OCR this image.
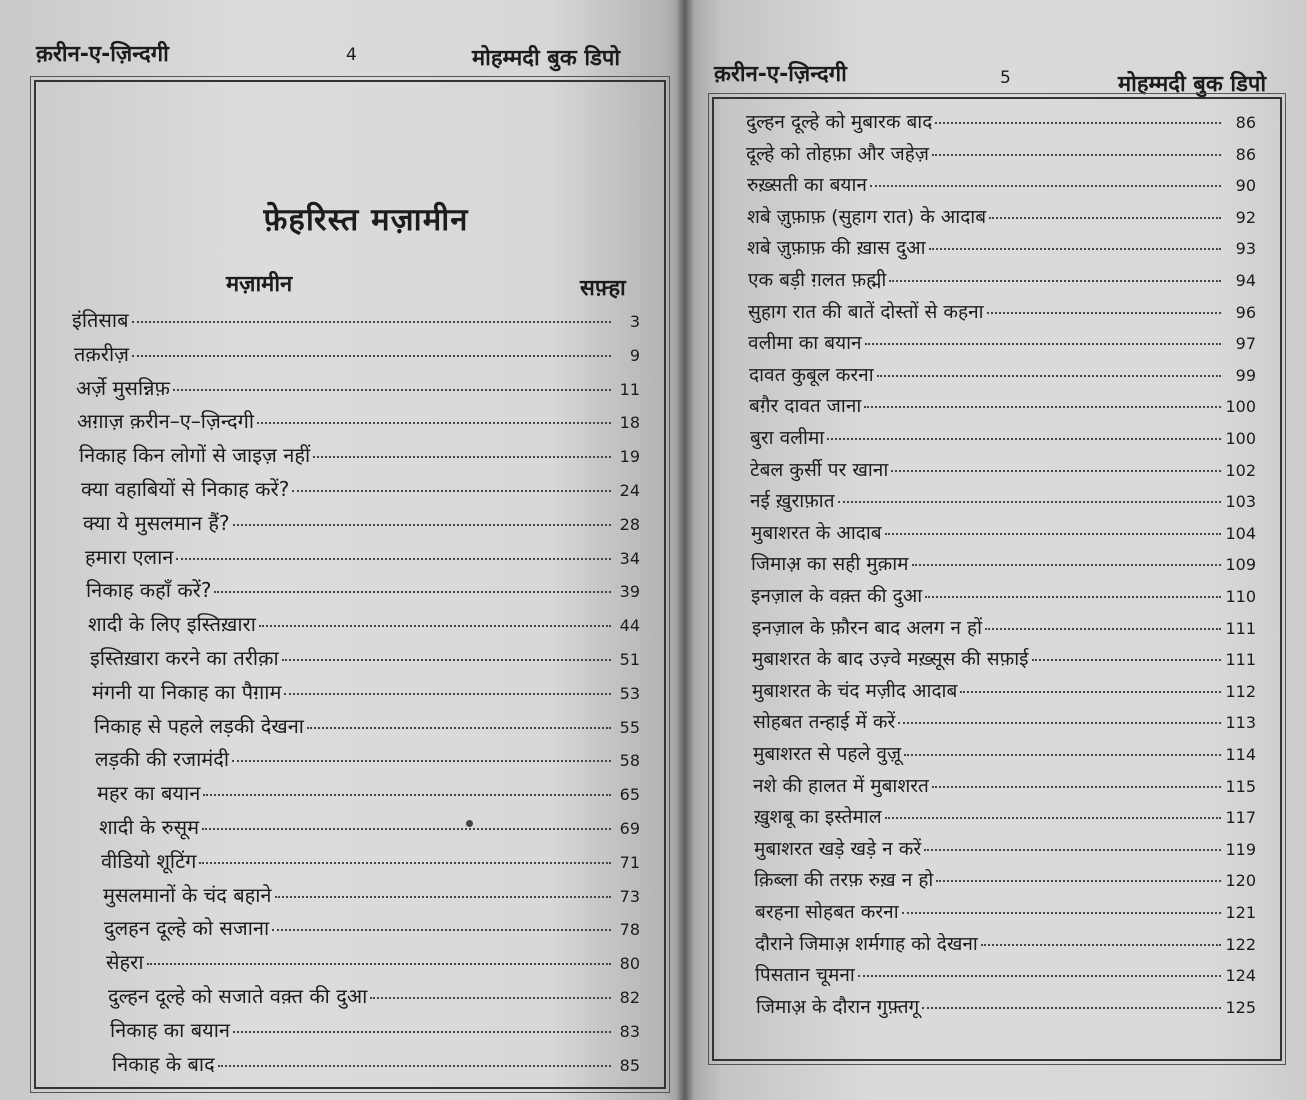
क़रीन-ए-ज़िन्दगी	4	मोहम्मदी बुक डिपो
क़रीन-ए-ज़िन्दगी	5	मोहम्मदी बुक डिपो
फ़ेहरिस्त मज़ामीन
मज़ामीन	सफ़्हा
इंतिसाब	3
तक़रीज़	9
अर्ज़े मुसन्निफ़	11
अग़ाज़ क़रीन–ए–ज़िन्दगी	18
निकाह किन लोगों से जाइज़ नहीं	19
क्या वहाबियों से निकाह करें?	24
क्या ये मुसलमान हैं?	28
हमारा एलान	34
निकाह कहाँ करें?	39
शादी के लिए इस्तिख़ारा	44
इस्तिख़ारा करने का तरीक़ा	51
मंगनी या निकाह का पैग़ाम	53
निकाह से पहले लड़की देखना	55
लड़की की रजामंदी	58
महर का बयान	65
शादी के रुसूम	69
वीडियो शूटिंग	71
मुसलमानों के चंद बहाने	73
दुलहन दूल्हे को सजाना	78
सेहरा	80
दुल्हन दूल्हे को सजाते वक़्त की दुआ	82
निकाह का बयान	83
निकाह के बाद	85
दुल्हन दूल्हे को मुबारक बाद	86
दूल्हे को तोहफ़ा और जहेज़	86
रुख़्सती का बयान	90
शबे ज़ुफ़ाफ़ (सुहाग रात) के आदाब	92
शबे ज़ुफ़ाफ़ की ख़ास दुआ	93
एक बड़ी ग़लत फ़ह्मी	94
सुहाग रात की बातें दोस्तों से कहना	96
वलीमा का बयान	97
दावत कुबूल करना	99
बग़ैर दावत जाना	100
बुरा वलीमा	100
टेबल कुर्सी पर खाना	102
नई ख़ुराफ़ात	103
मुबाशरत के आदाब	104
जिमाअ़ का सही मुक़ाम	109
इनज़ाल के वक़्त की दुआ	110
इनज़ाल के फ़ौरन बाद अलग न हों	111
मुबाशरत के बाद उज़्वे मख़्सूस की सफ़ाई	111
मुबाशरत के चंद मज़ीद आदाब	112
सोहबत तन्हाई में करें	113
मुबाशरत से पहले वुज़ू	114
नशे की हालत में मुबाशरत	115
ख़ुशबू का इस्तेमाल	117
मुबाशरत खड़े खड़े न करें	119
क़िब्ला की तरफ़ रुख़ न हो	120
बरहना सोहबत करना	121
दौराने जिमाअ़ शर्मगाह को देखना	122
पिसतान चूमना	124
जिमाअ़ के दौरान गुफ़्तगू	125
